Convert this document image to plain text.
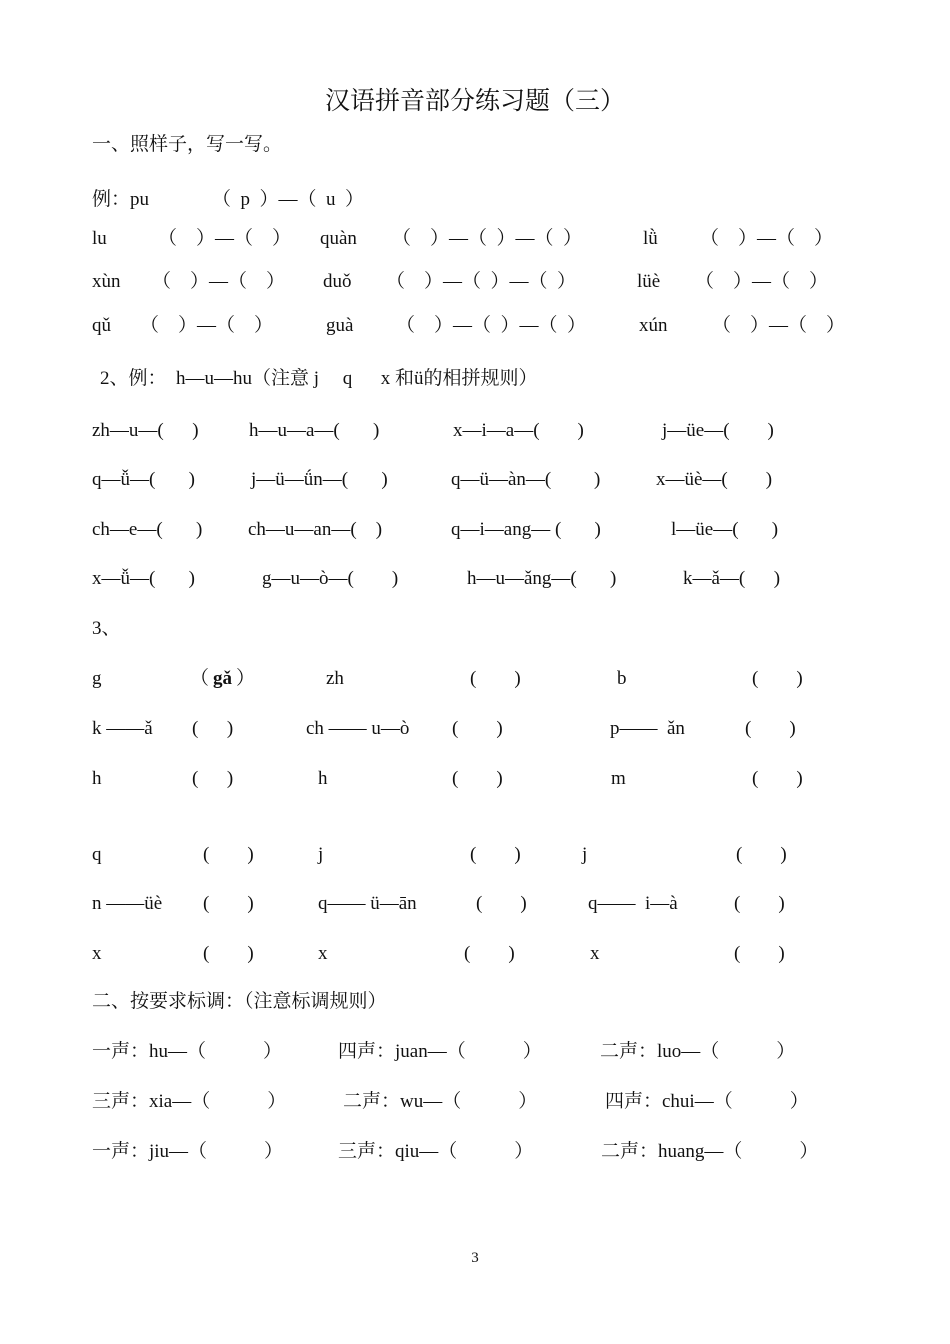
汉语拼音部分练习题（三）
一、照样子，写一写。
例：pu	（  p  ）—（  u  ）
lu	（    ）—（    ） quàn （    ）—（  ）—（  ）	lǜ （    ）—（    ）
xùn （    ）—（    ） duǒ （    ）—（  ）—（  ）	lüè （    ）—（    ）
qǔ （    ）—（    ）	guà （    ）—（  ）—（  ）	xún （    ）—（    ）
2、例：  h—u—hu（注意 j     q      x 和ü的相拼规则）
zh—u—(      )	h—u—a—(       )	x—i—a—(        )	j—üe—(        )
q—ǚ—(       )	j—ü—ǘn—(       )	q—ü—àn—(         )	x—üè—(        )
ch—e—(       ) ch—u—an—(    )	q—i—ang— (       )	l—üe—(       )
x—ǚ—(       )	g—u—ò—(        )	h—u—ǎng—(       )	k—ǎ—(      )
3、
g	（ gǎ ）	zh	(        )	b	(        )
k ——ǎ (      )	ch —— u—ò (        )	p——  ǎn	(        )
h	(      )	h	(        )	m	(        )
q	(        )	j	(        )	j	(        )
n ——üè (        )	q—— ü—ān	(        )	q——  i—à	(        )
x	(        )	x	(        )	x	(        )
二、按要求标调：（注意标调规则）
一声：hu—（            ）	四声：juan—（            ）	二声：luo—（            ）
三声：xia—（            ）	二声：wu—（            ）	四声：chui—（            ）
一声：jiu—（            ）	三声：qiu—（            ）	二声：huang—（            ）
3
